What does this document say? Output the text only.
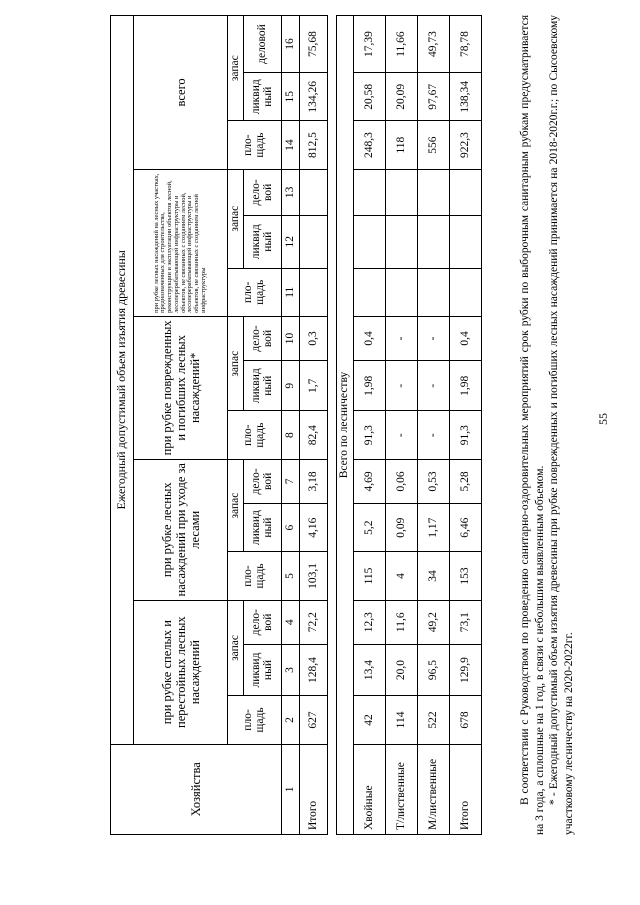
Хозяйства	Ежегодный допустимый объем изъятия древесины														
	при рубке спелых и перестойных лесных насаждений			при рубке лесных насаждений при уходе за лесами			при рубке поврежденных и погибших лесных насаждений*			при рубке лесных насаждений на лесных участках, предназначенных для строительства, реконструкции и эксплуатации объектов лесной, лесоперерабатывающей инфраструктуры и объектов, не связанных с созданием лесной, лесоперерабатывающей инфраструктуры и объектов, не связанных с созданием лесной инфраструктуры			всего		
	пло-щадь	запас		пло-щадь	запас		пло-щадь	запас		пло-щадь	запас		пло-щадь	запас	
		ликвид ный	дело-вой		ликвид ный	дело-вой		ликвид ный	дело-вой		ликвид ный	дело-вой		ликвид ный	деловой
1	2	3	4	5	6	7	8	9	10	11	12	13	14	15	16
Итого	627	128,4	72,2	103,1	4,16	3,18	82,4	1,7	0,3				812,5	134,26	75,68

Всего по лесничеству															
Хвойные	42	13,4	12,3	115	5,2	4,69	91,3	1,98	0,4				248,3	20,58	17,39
Т/лиственные	114	20,0	11,6	4	0,09	0,06	-	-	-				118	20,09	11,66
М/лиственные	522	96,5	49,2	34	1,17	0,53	-	-	-				556	97,67	49,73
Итого	678	129,9	73,1	153	6,46	5,28	91,3	1,98	0,4				922,3	138,34	78,78	В соответствии с Руководством по проведению санитарно-оздоровительных мероприятий срок рубки по выборочным санитарным рубкам предусматривается на 3 года, а сплошные на 1 год, в связи с небольшим выявленным объемом. * - Ежегодный допустимый объем изъятия древесины при рубке поврежденных и погибших лесных насаждений принимается на 2018-2020г.г.; по Сысоевскому участковому лесничеству на 2020-2022гг.

55
